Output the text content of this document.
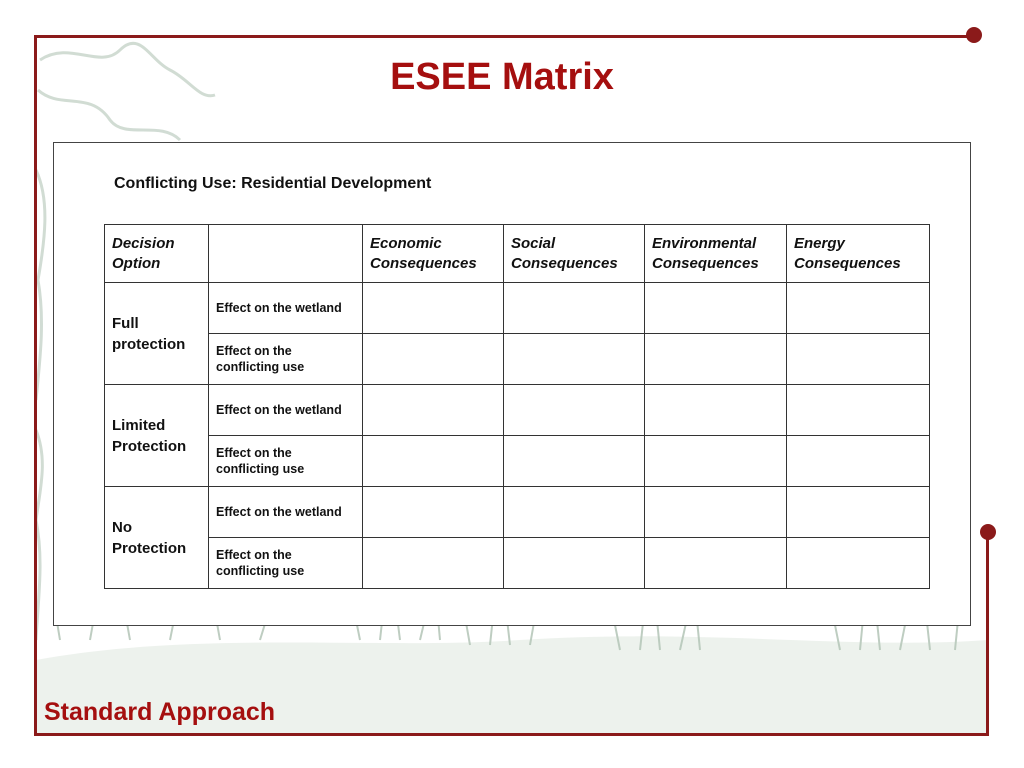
ESEE Matrix
Conflicting Use: Residential Development
Decision Option		Economic Consequences	Social Consequences	Environmental Consequences	Energy Consequences
Full protection	Effect on the wetland				
	Effect on the conflicting use				
Limited Protection	Effect on the wetland				
	Effect on the conflicting use				
No Protection	Effect on the wetland				
	Effect on the conflicting use				
Standard Approach
